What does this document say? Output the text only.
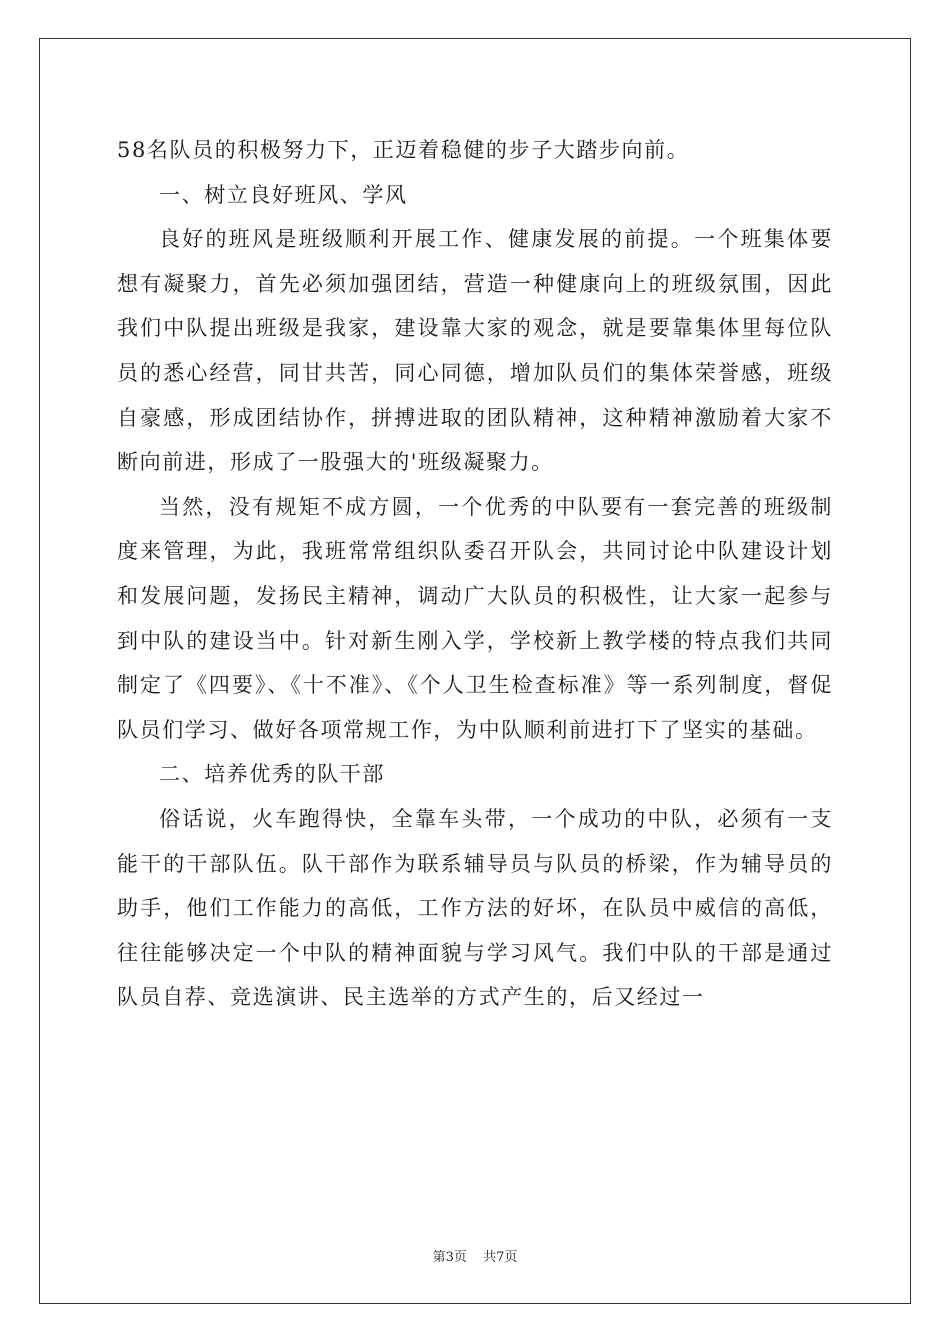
58名队员的积极努力下，正迈着稳健的步子大踏步向前。

一、树立良好班风、学风

良好的班风是班级顺利开展工作、健康发展的前提。一个班集体要想有凝聚力，首先必须加强团结，营造一种健康向上的班级氛围，因此我们中队提出班级是我家，建设靠大家的观念，就是要靠集体里每位队员的悉心经营，同甘共苦，同心同德，增加队员们的集体荣誉感，班级自豪感，形成团结协作，拼搏进取的团队精神，这种精神激励着大家不断向前进，形成了一股强大的'班级凝聚力。

当然，没有规矩不成方圆，一个优秀的中队要有一套完善的班级制度来管理，为此，我班常常组织队委召开队会，共同讨论中队建设计划和发展问题，发扬民主精神，调动广大队员的积极性，让大家一起参与到中队的建设当中。针对新生刚入学，学校新上教学楼的特点我们共同制定了《四要》、《十不准》、《个人卫生检查标准》等一系列制度，督促队员们学习、做好各项常规工作，为中队顺利前进打下了坚实的基础。

二、培养优秀的队干部

俗话说，火车跑得快，全靠车头带，一个成功的中队，必须有一支能干的干部队伍。队干部作为联系辅导员与队员的桥梁，作为辅导员的助手，他们工作能力的高低，工作方法的好坏，在队员中威信的高低，往往能够决定一个中队的精神面貌与学习风气。我们中队的干部是通过队员自荐、竞选演讲、民主选举的方式产生的，后又经过一

第3页 共7页
